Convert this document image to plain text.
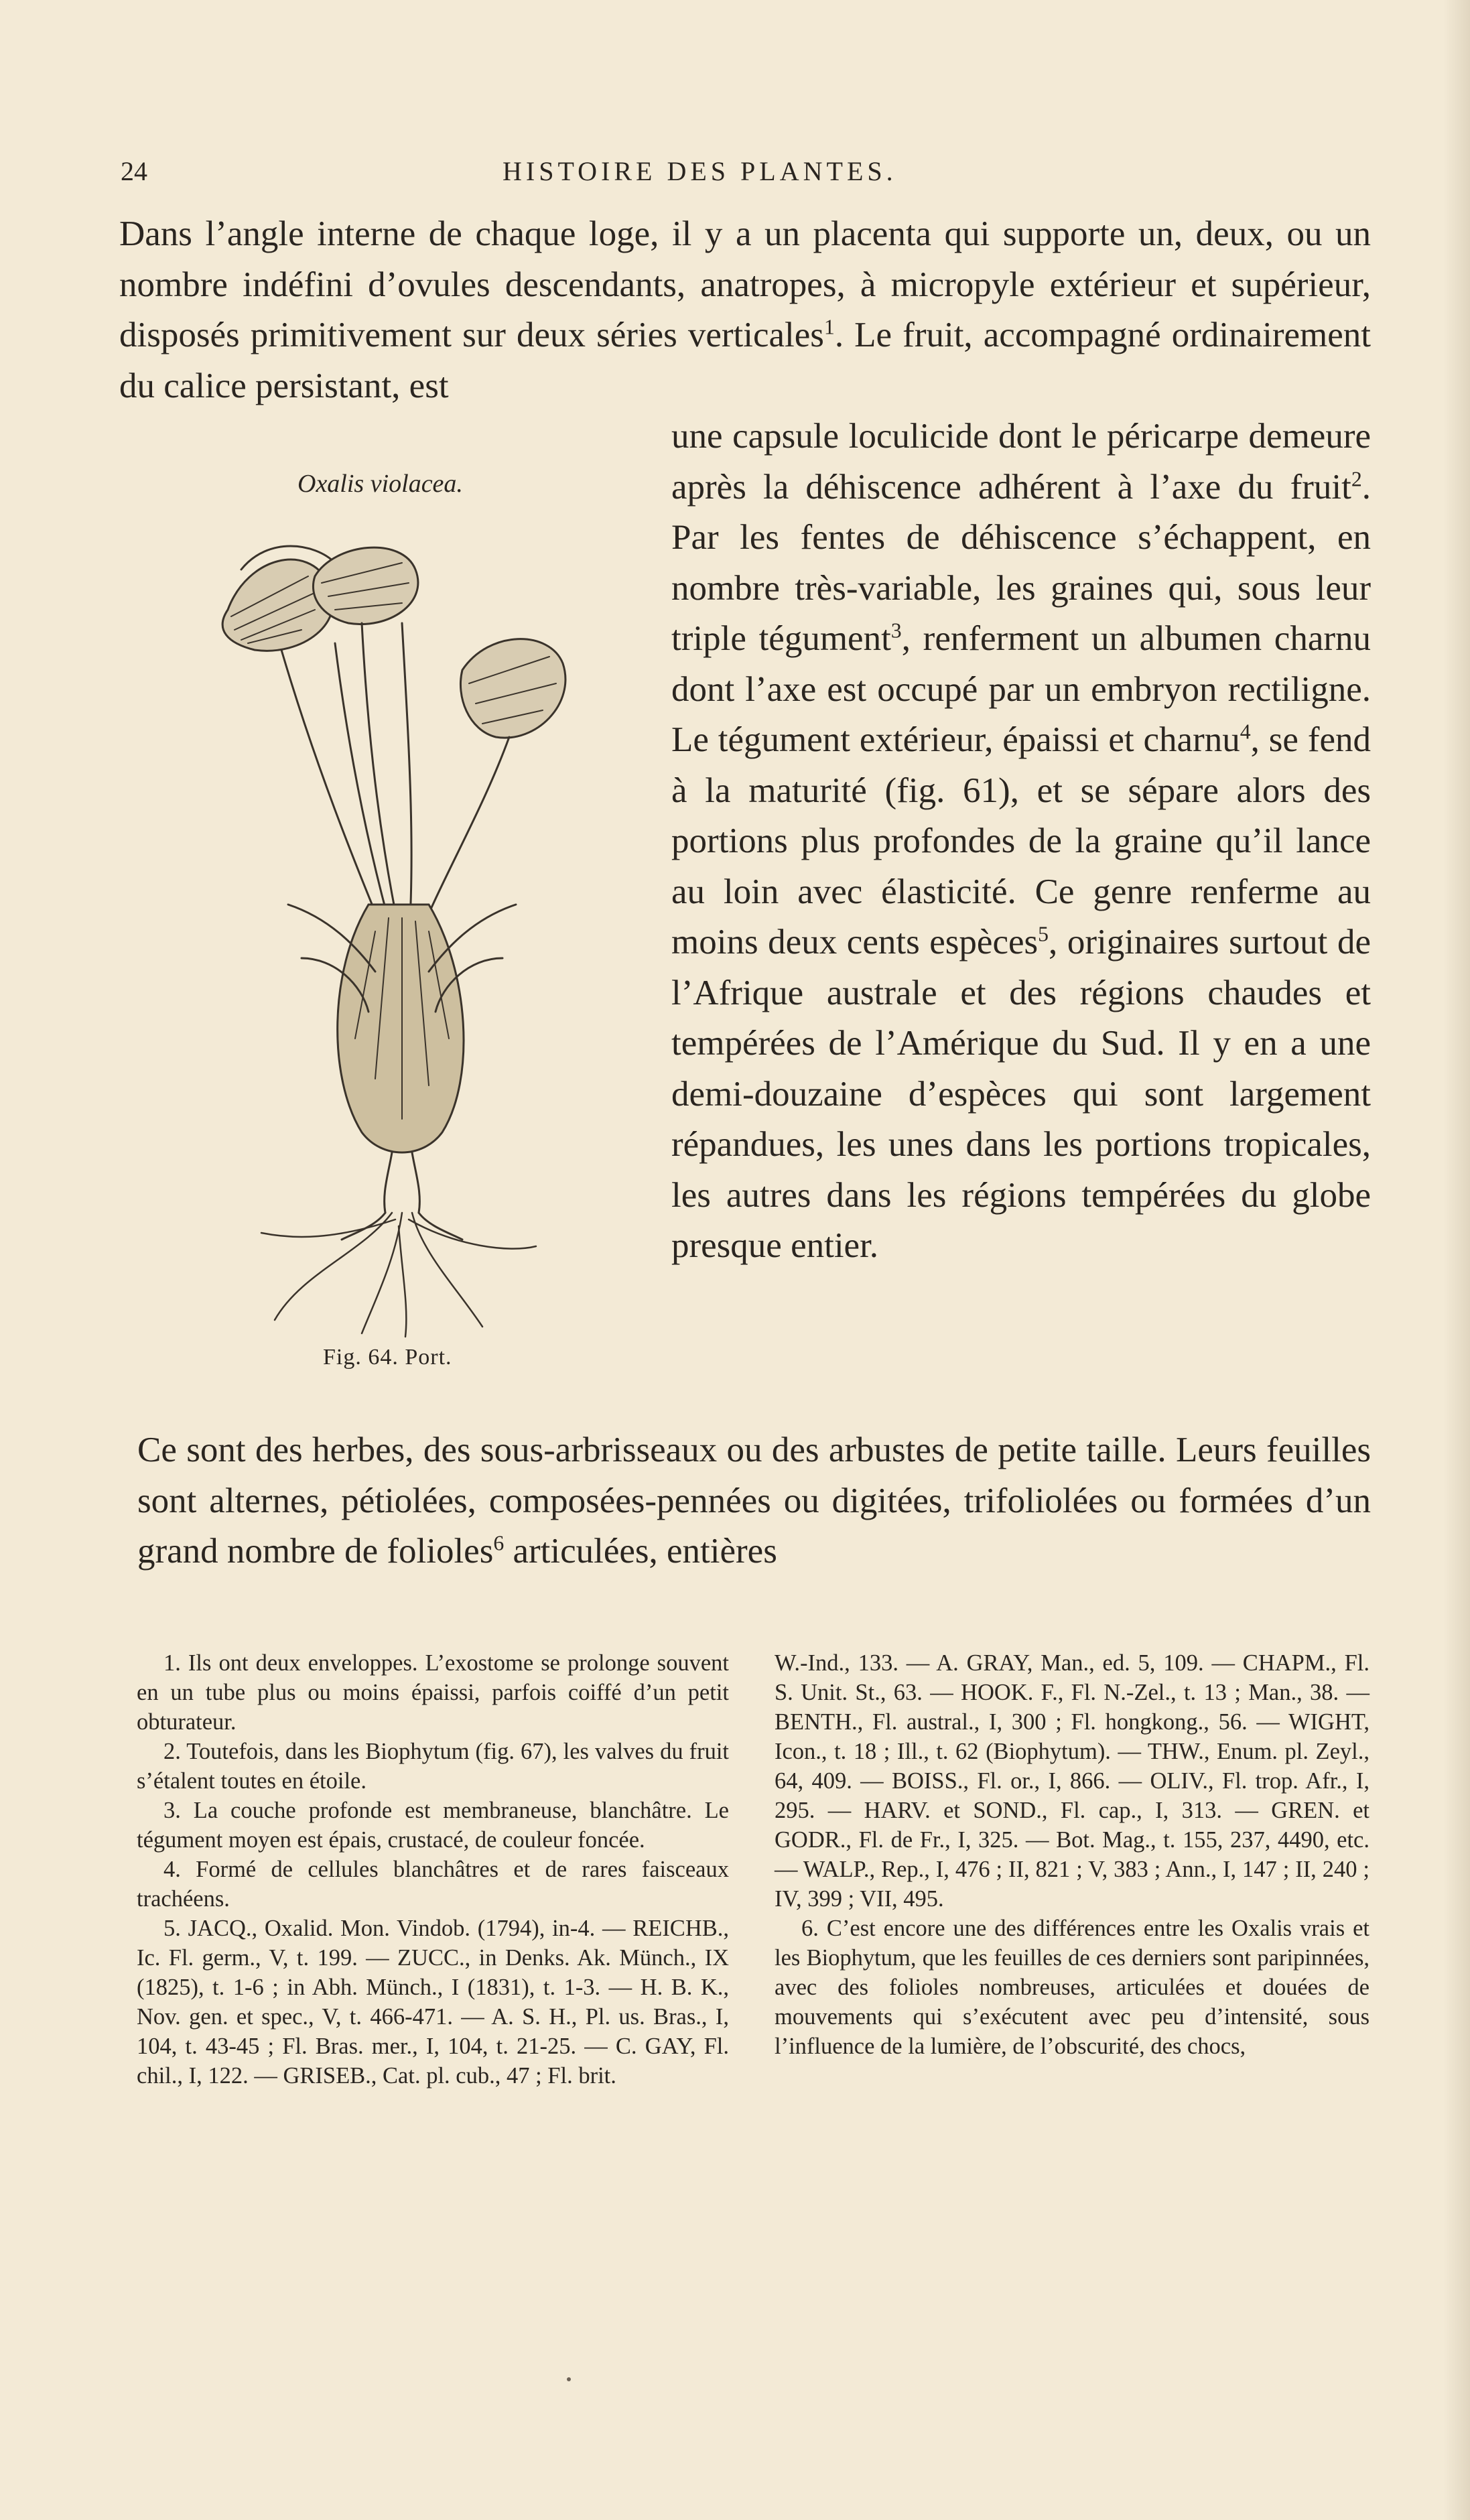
24	HISTOIRE DES PLANTES.

Dans l’angle interne de chaque loge, il y a un placenta qui supporte un, deux, ou un nombre indéfini d’ovules descendants, anatropes, à micropyle extérieur et supérieur, disposés primitivement sur deux séries verticales$^1$. Le fruit, accompagné ordinairement du calice persistant, est

Oxalis violacea.
Fig. 64. Port.

une capsule loculicide dont le péricarpe demeure après la déhiscence adhérent à l’axe du fruit$^2$. Par les fentes de déhiscence s’échappent, en nombre très-variable, les graines qui, sous leur triple tégument$^3$, renferment un albumen charnu dont l’axe est occupé par un embryon rectiligne. Le tégument extérieur, épaissi et charnu$^4$, se fend à la maturité (fig. 61), et se sépare alors des portions plus profondes de la graine qu’il lance au loin avec élasticité. Ce genre renferme au moins deux cents espèces$^5$, originaires surtout de l’Afrique australe et des régions chaudes et tempérées de l’Amérique du Sud. Il y en a une demi-douzaine d’espèces qui sont largement répandues, les unes dans les portions tropicales, les autres dans les régions tempérées du globe presque entier.

Ce sont des herbes, des sous-arbrisseaux ou des arbustes de petite taille. Leurs feuilles sont alternes, pétiolées, composées-pennées ou digitées, trifoliolées ou formées d’un grand nombre de folioles$^6$ articulées, entières

1. Ils ont deux enveloppes. L’exostome se prolonge souvent en un tube plus ou moins épaissi, parfois coiffé d’un petit obturateur.

2. Toutefois, dans les Biophytum (fig. 67), les valves du fruit s’étalent toutes en étoile.

3. La couche profonde est membraneuse, blanchâtre. Le tégument moyen est épais, crustacé, de couleur foncée.

4. Formé de cellules blanchâtres et de rares faisceaux trachéens.

5. JACQ., Oxalid. Mon. Vindob. (1794), in-4. — REICHB., Ic. Fl. germ., V, t. 199. — ZUCC., in Denks. Ak. Münch., IX (1825), t. 1-6 ; in Abh. Münch., I (1831), t. 1-3. — H. B. K., Nov. gen. et spec., V, t. 466-471. — A. S. H., Pl. us. Bras., I, 104, t. 43-45 ; Fl. Bras. mer., I, 104, t. 21-25. — C. GAY, Fl. chil., I, 122. — GRISEB., Cat. pl. cub., 47 ; Fl. brit.

W.-Ind., 133. — A. GRAY, Man., ed. 5, 109. — CHAPM., Fl. S. Unit. St., 63. — HOOK. F., Fl. N.-Zel., t. 13 ; Man., 38. — BENTH., Fl. austral., I, 300 ; Fl. hongkong., 56. — WIGHT, Icon., t. 18 ; Ill., t. 62 (Biophytum). — THW., Enum. pl. Zeyl., 64, 409. — BOISS., Fl. or., I, 866. — OLIV., Fl. trop. Afr., I, 295. — HARV. et SOND., Fl. cap., I, 313. — GREN. et GODR., Fl. de Fr., I, 325. — Bot. Mag., t. 155, 237, 4490, etc. — WALP., Rep., I, 476 ; II, 821 ; V, 383 ; Ann., I, 147 ; II, 240 ; IV, 399 ; VII, 495.

6. C’est encore une des différences entre les Oxalis vrais et les Biophytum, que les feuilles de ces derniers sont paripinnées, avec des folioles nombreuses, articulées et douées de mouvements qui s’exécutent avec peu d’intensité, sous l’influence de la lumière, de l’obscurité, des chocs,
